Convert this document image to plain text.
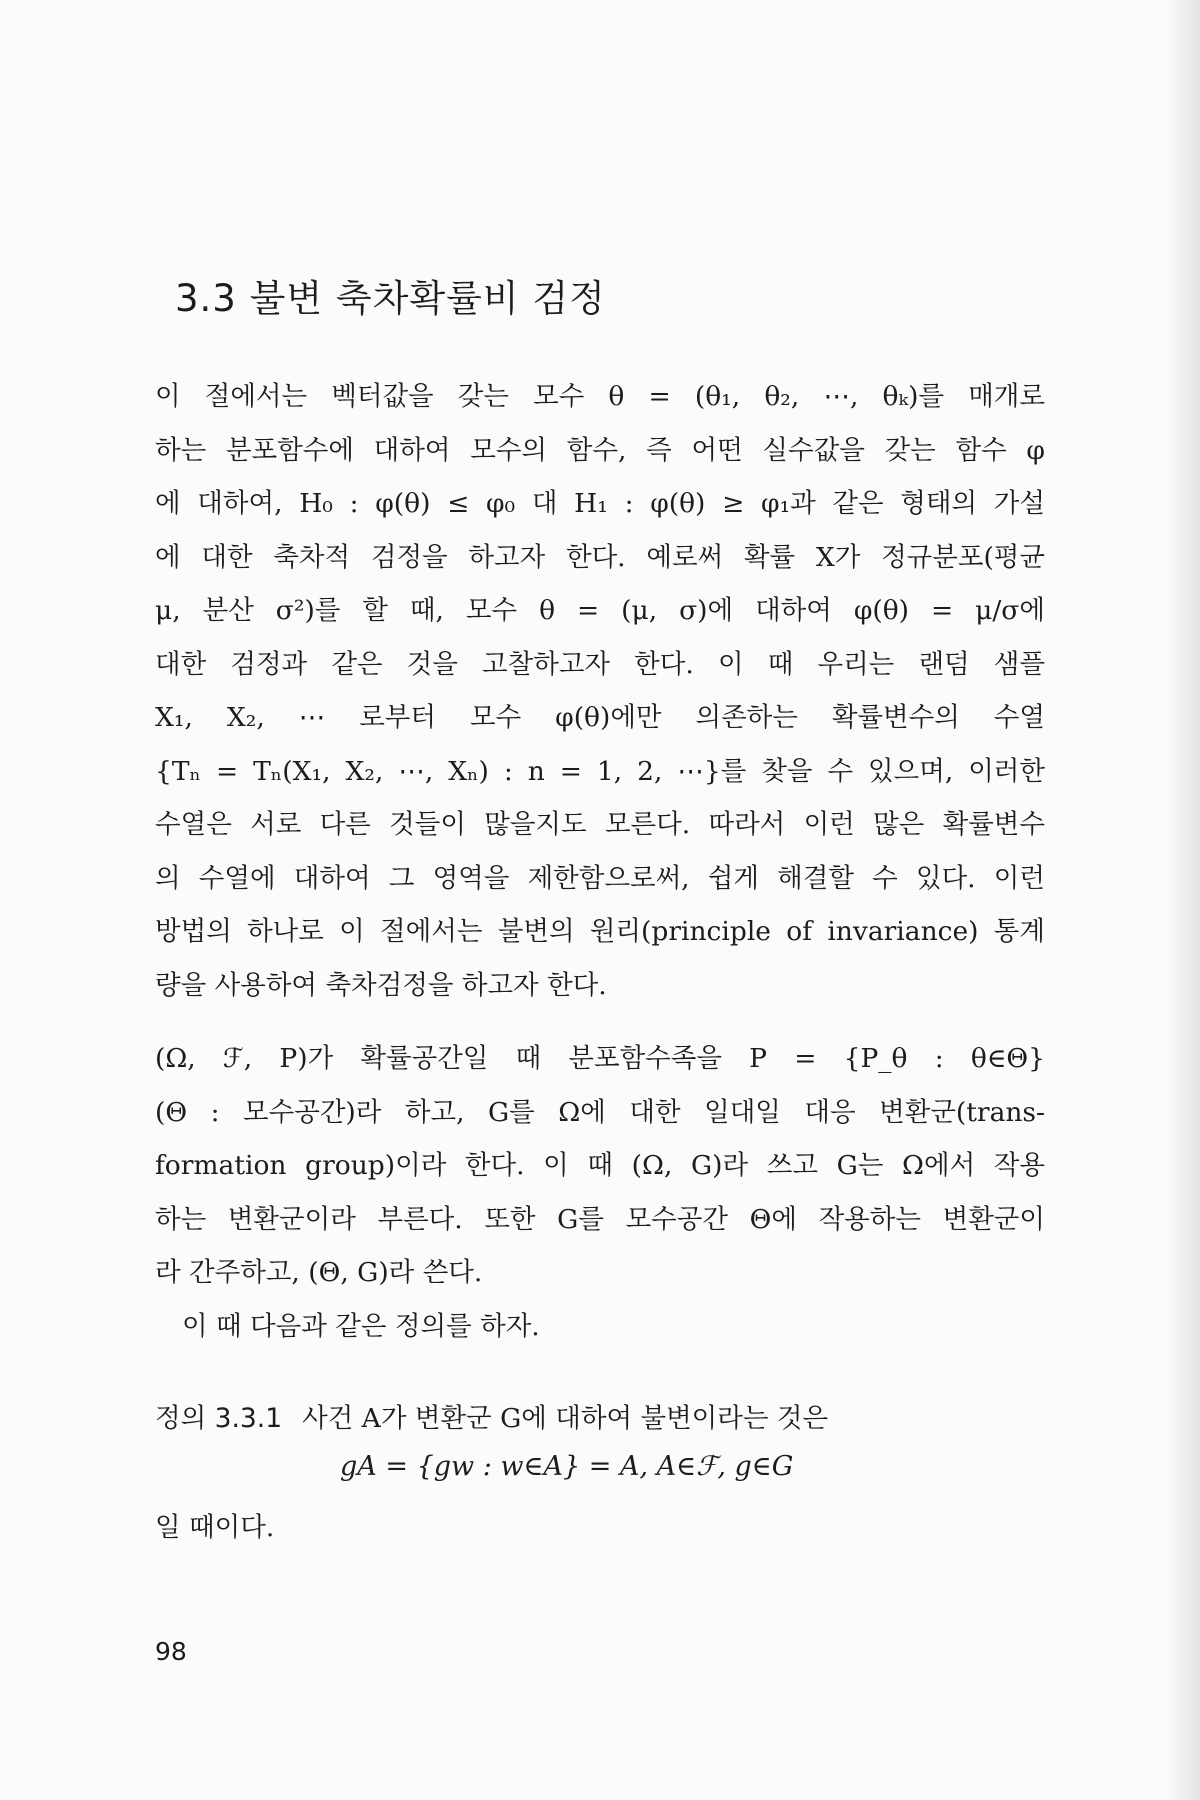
3.3 불변 축차확률비 검정
이 절에서는 벡터값을 갖는 모수 θ = (θ₁, θ₂, ⋯, θₖ)를 매개로
하는 분포함수에 대하여 모수의 함수, 즉 어떤 실수값을 갖는 함수 φ
에 대하여, H₀ : φ(θ) ≤ φ₀ 대 H₁ : φ(θ) ≥ φ₁과 같은 형태의 가설
에 대한 축차적 검정을 하고자 한다. 예로써 확률 X가 정규분포(평균
μ, 분산 σ²)를 할 때, 모수 θ = (μ, σ)에 대하여 φ(θ) = μ/σ에
대한 검정과 같은 것을 고찰하고자 한다. 이 때 우리는 랜덤 샘플
X₁, X₂, ⋯ 로부터 모수 φ(θ)에만 의존하는 확률변수의 수열
{Tₙ = Tₙ(X₁, X₂, ⋯, Xₙ) : n = 1, 2, ⋯}를 찾을 수 있으며, 이러한
수열은 서로 다른 것들이 많을지도 모른다. 따라서 이런 많은 확률변수
의 수열에 대하여 그 영역을 제한함으로써, 쉽게 해결할 수 있다. 이런
방법의 하나로 이 절에서는 불변의 원리(principle of invariance) 통계
량을 사용하여 축차검정을 하고자 한다.
(Ω, ℱ, P)가 확률공간일 때 분포함수족을 P = {P_θ : θ∈Θ}
(Θ : 모수공간)라 하고, G를 Ω에 대한 일대일 대응 변환군(trans-
formation group)이라 한다. 이 때 (Ω, G)라 쓰고 G는 Ω에서 작용
하는 변환군이라 부른다. 또한 G를 모수공간 Θ에 작용하는 변환군이
라 간주하고, (Θ, G)라 쓴다.

이 때 다음과 같은 정의를 하자.

정의 3.3.1 사건 A가 변환군 G에 대하여 불변이라는 것은

gA = {gw : w∈A} = A, A∈ℱ, g∈G

일 때이다.

98
